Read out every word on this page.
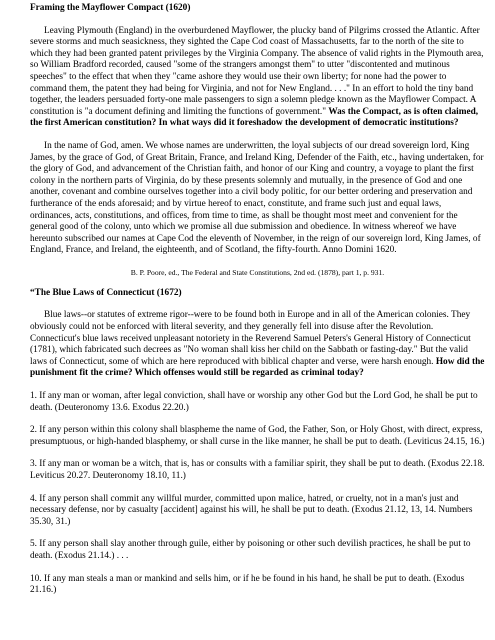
Framing the Mayflower Compact (1620)

Leaving Plymouth (England) in the overburdened Mayflower, the plucky band of Pilgrims crossed the Atlantic. After severe storms and much seasickness, they sighted the Cape Cod coast of Massachusetts, far to the north of the site to which they had been granted patent privileges by the Virginia Company. The absence of valid rights in the Plymouth area, so William Bradford recorded, caused "some of the strangers amongst them" to utter "discontented and mutinous speeches" to the effect that when they "came ashore they would use their own liberty; for none had the power to command them, the patent they had being for Virginia, and not for New England. . . ." In an effort to hold the tiny band together, the leaders persuaded forty-one male passengers to sign a solemn pledge known as the Mayflower Compact. A constitution is "a document defining and limiting the functions of government." Was the Compact, as is often claimed, the first American constitution? In what ways did it foreshadow the development of democratic institutions?

In the name of God, amen. We whose names are underwritten, the loyal subjects of our dread sovereign lord, King James, by the grace of God, of Great Britain, France, and Ireland King, Defender of the Faith, etc., having undertaken, for the glory of God, and advancement of the Christian faith, and honor of our King and country, a voyage to plant the first colony in the northern parts of Virginia, do by these presents solemnly and mutually, in the presence of God and one another, covenant and combine ourselves together into a civil body politic, for our better ordering and preservation and furtherance of the ends aforesaid; and by virtue hereof to enact, constitute, and frame such just and equal laws, ordinances, acts, constitutions, and offices, from time to time, as shall be thought most meet and convenient for the general good of the colony, unto which we promise all due submission and obedience. In witness whereof we have hereunto subscribed our names at Cape Cod the eleventh of November, in the reign of our sovereign lord, King James, of England, France, and Ireland, the eighteenth, and of Scotland, the fifty-fourth. Anno Domini 1620.

B. P. Poore, ed., The Federal and State Constitutions, 2nd ed. (1878), part 1, p. 931.

“The Blue Laws of Connecticut (1672)

Blue laws--or statutes of extreme rigor--were to be found both in Europe and in all of the American colonies. They obviously could not be enforced with literal severity, and they generally fell into disuse after the Revolution. Connecticut's blue laws received unpleasant notoriety in the Reverend Samuel Peters's General History of Connecticut (1781), which fabricated such decrees as "No woman shall kiss her child on the Sabbath or fasting-day." But the valid laws of Connecticut, some of which are here reproduced with biblical chapter and verse, were harsh enough. How did the punishment fit the crime? Which offenses would still be regarded as criminal today?

1. If any man or woman, after legal conviction, shall have or worship any other God but the Lord God, he shall be put to death. (Deuteronomy 13.6. Exodus 22.20.)

2. If any person within this colony shall blaspheme the name of God, the Father, Son, or Holy Ghost, with direct, express, presumptuous, or high-handed blasphemy, or shall curse in the like manner, he shall be put to death. (Leviticus 24.15, 16.)

3. If any man or woman be a witch, that is, has or consults with a familiar spirit, they shall be put to death. (Exodus 22.18. Leviticus 20.27. Deuteronomy 18.10, 11.)

4. If any person shall commit any willful murder, committed upon malice, hatred, or cruelty, not in a man's just and necessary defense, nor by casualty [accident] against his will, he shall be put to death. (Exodus 21.12, 13, 14. Numbers 35.30, 31.)

5. If any person shall slay another through guile, either by poisoning or other such devilish practices, he shall be put to death. (Exodus 21.14.) . . .

10. If any man steals a man or mankind and sells him, or if he be found in his hand, he shall be put to death. (Exodus 21.16.)
